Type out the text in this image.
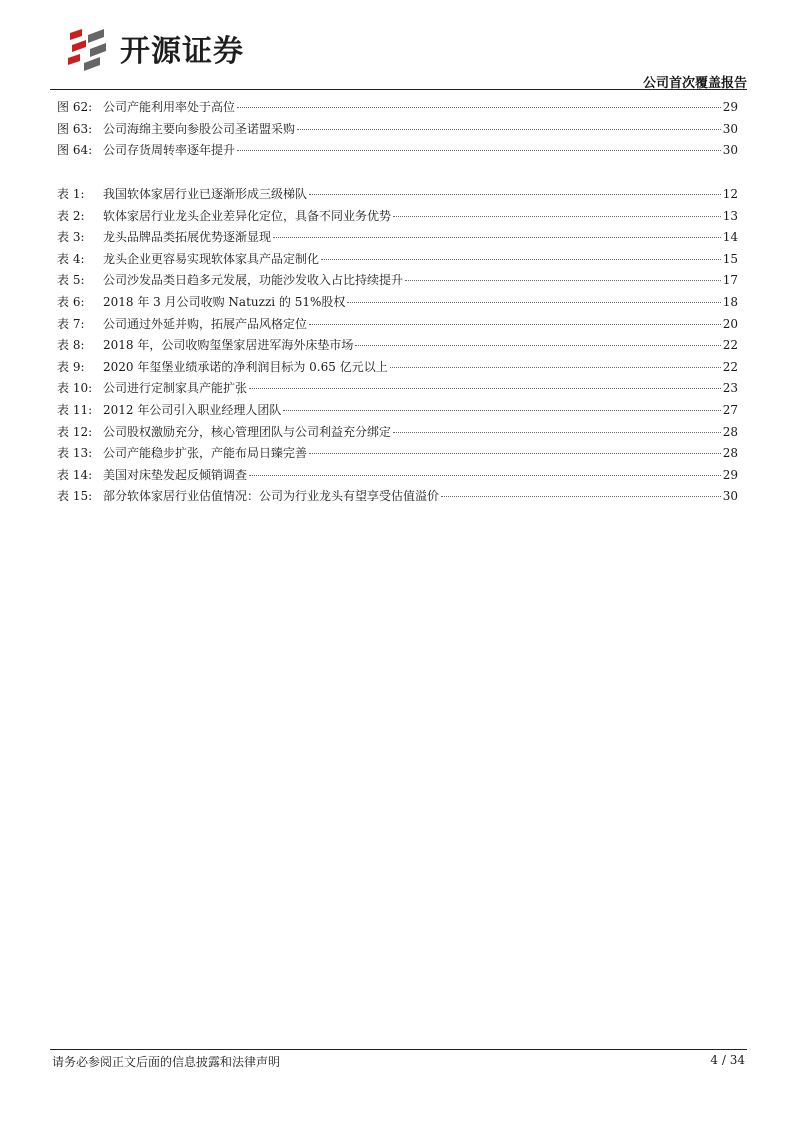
开源证券
公司首次覆盖报告
图 62: 公司产能利用率处于高位	29
图 63: 公司海绵主要向参股公司圣诺盟采购	30
图 64: 公司存货周转率逐年提升	30
表 1:	我国软体家居行业已逐渐形成三级梯队	12
表 2:	软体家居行业龙头企业差异化定位，具备不同业务优势	13
表 3:	龙头品牌品类拓展优势逐渐显现	14
表 4:	龙头企业更容易实现软体家具产品定制化	15
表 5:	公司沙发品类日趋多元发展，功能沙发收入占比持续提升	17
表 6:	2018 年 3 月公司收购 Natuzzi 的 51%股权	18
表 7:	公司通过外延并购，拓展产品风格定位	20
表 8:	2018 年，公司收购玺堡家居进军海外床垫市场	22
表 9:	2020 年玺堡业绩承诺的净利润目标为 0.65 亿元以上	22
表 10: 公司进行定制家具产能扩张	23
表 11: 2012 年公司引入职业经理人团队	27
表 12: 公司股权激励充分，核心管理团队与公司利益充分绑定	28
表 13: 公司产能稳步扩张，产能布局日臻完善	28
表 14: 美国对床垫发起反倾销调查	29
表 15: 部分软体家居行业估值情况：公司为行业龙头有望享受估值溢价	30
请务必参阅正文后面的信息披露和法律声明	4 / 34
